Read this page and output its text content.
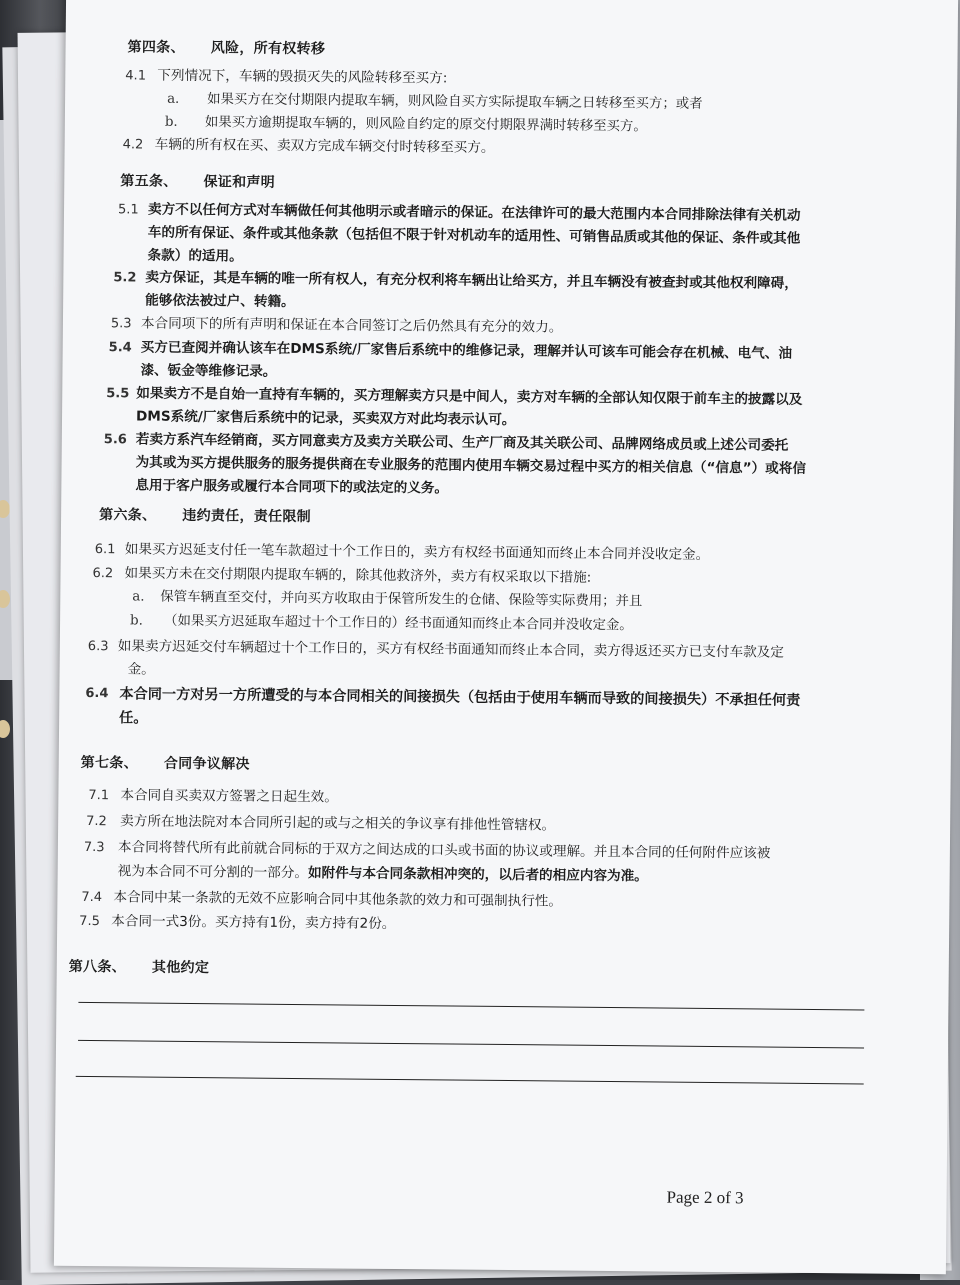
第四条、 风险，所有权转移
4.1 下列情况下，车辆的毁损灭失的风险转移至买方:
a. 如果买方在交付期限内提取车辆，则风险自买方实际提取车辆之日转移至买方；或者
b. 如果买方逾期提取车辆的，则风险自约定的原交付期限界满时转移至买方。
4.2 车辆的所有权在买、卖双方完成车辆交付时转移至买方。
第五条、 保证和声明
5.1 卖方不以任何方式对车辆做任何其他明示或者暗示的保证。在法律许可的最大范围内本合同排除法律有关机动
车的所有保证、条件或其他条款（包括但不限于针对机动车的适用性、可销售品质或其他的保证、条件或其他
条款）的适用。
5.2 卖方保证，其是车辆的唯一所有权人，有充分权利将车辆出让给买方，并且车辆没有被查封或其他权利障碍，
能够依法被过户、转籍。
5.3 本合同项下的所有声明和保证在本合同签订之后仍然具有充分的效力。
5.4 买方已查阅并确认该车在DMS系统/厂家售后系统中的维修记录，理解并认可该车可能会存在机械、电气、油
漆、钣金等维修记录。
5.5 如果卖方不是自始一直持有车辆的，买方理解卖方只是中间人，卖方对车辆的全部认知仅限于前车主的披露以及
DMS系统/厂家售后系统中的记录，买卖双方对此均表示认可。
5.6 若卖方系汽车经销商，买方同意卖方及卖方关联公司、生产厂商及其关联公司、品牌网络成员或上述公司委托
为其或为买方提供服务的服务提供商在专业服务的范围内使用车辆交易过程中买方的相关信息（“信息”）或将信
息用于客户服务或履行本合同项下的或法定的义务。
第六条、 违约责任，责任限制
6.1 如果买方迟延支付任一笔车款超过十个工作日的，卖方有权经书面通知而终止本合同并没收定金。
6.2 如果买方未在交付期限内提取车辆的，除其他救济外，卖方有权采取以下措施:
a. 保管车辆直至交付，并向买方收取由于保管所发生的仓储、保险等实际费用；并且
b. （如果买方迟延取车超过十个工作日的）经书面通知而终止本合同并没收定金。
6.3 如果卖方迟延交付车辆超过十个工作日的，买方有权经书面通知而终止本合同，卖方得返还买方已支付车款及定
金。
6.4 本合同一方对另一方所遭受的与本合同相关的间接损失（包括由于使用车辆而导致的间接损失）不承担任何责
任。
第七条、 合同争议解决
7.1 本合同自买卖双方签署之日起生效。
7.2 卖方所在地法院对本合同所引起的或与之相关的争议享有排他性管辖权。
7.3 本合同将替代所有此前就合同标的于双方之间达成的口头或书面的协议或理解。并且本合同的任何附件应该被
视为本合同不可分割的一部分。如附件与本合同条款相冲突的，以后者的相应内容为准。
7.4 本合同中某一条款的无效不应影响合同中其他条款的效力和可强制执行性。
7.5 本合同一式3份。买方持有1份，卖方持有2份。
第八条、 其他约定
Page 2 of 3
